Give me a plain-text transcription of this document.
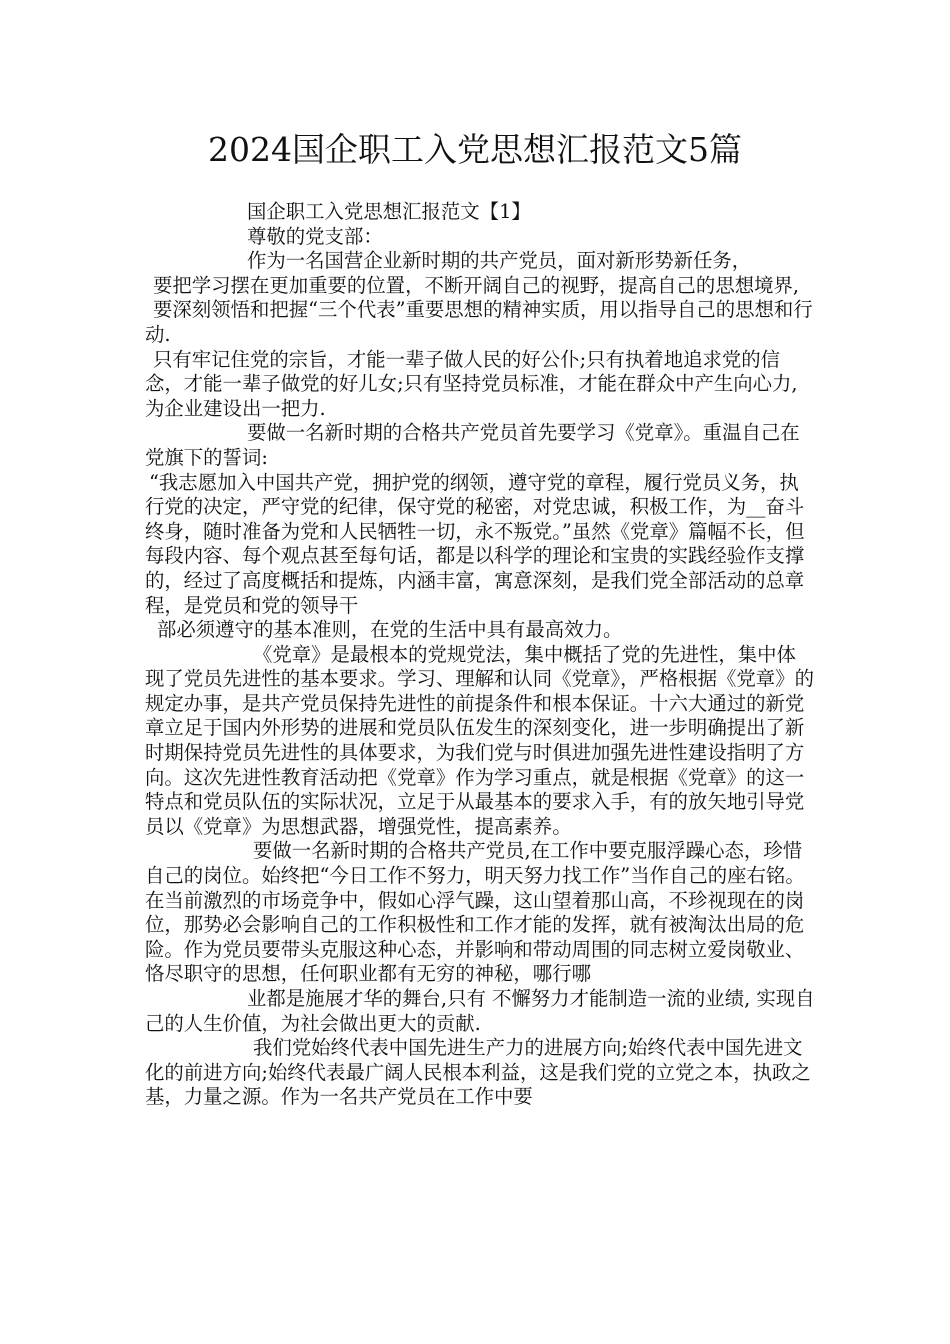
2024国企职工入党思想汇报范文5篇

国企职工入党思想汇报范文【1】

尊敬的党支部：

作为一名国营企业新时期的共产党员，面对新形势新任务，

要把学习摆在更加重要的位置，不断开阔自己的视野，提高自己的思想境界,

要深刻领悟和把握“三个代表”重要思想的精神实质，用以指导自己的思想和行动.

只有牢记住党的宗旨，才能一辈子做人民的好公仆;只有执着地追求党的信念，才能一辈子做党的好儿女;只有坚持党员标准，才能在群众中产生向心力,为企业建设出一把力.

要做一名新时期的合格共产党员首先要学习《党章》。重温自己在党旗下的誓词:

“我志愿加入中国共产党，拥护党的纲领，遵守党的章程，履行党员义务，执行党的决定，严守党的纪律，保守党的秘密，对党忠诚，积极工作，为__奋斗终身，随时准备为党和人民牺牲一切，永不叛党。”虽然《党章》篇幅不长，但每段内容、每个观点甚至每句话，都是以科学的理论和宝贵的实践经验作支撑的，经过了高度概括和提炼，内涵丰富，寓意深刻，是我们党全部活动的总章程，是党员和党的领导干

部必须遵守的基本准则，在党的生活中具有最高效力。

《党章》是最根本的党规党法，集中概括了党的先进性，集中体现了党员先进性的基本要求。学习、理解和认同《党章》，严格根据《党章》的规定办事，是共产党员保持先进性的前提条件和根本保证。十六大通过的新党章立足于国内外形势的进展和党员队伍发生的深刻变化，进一步明确提出了新时期保持党员先进性的具体要求，为我们党与时俱进加强先进性建设指明了方向。这次先进性教育活动把《党章》作为学习重点，就是根据《党章》的这一特点和党员队伍的实际状况，立足于从最基本的要求入手，有的放矢地引导党员以《党章》为思想武器，增强党性，提高素养。

要做一名新时期的合格共产党员,在工作中要克服浮躁心态，珍惜自己的岗位。始终把“今日工作不努力，明天努力找工作”当作自己的座右铭。在当前激烈的市场竞争中，假如心浮气躁，这山望着那山高，不珍视现在的岗位，那势必会影响自己的工作积极性和工作才能的发挥，就有被淘汰出局的危险。作为党员要带头克服这种心态，并影响和带动周围的同志树立爱岗敬业、恪尽职守的思想，任何职业都有无穷的神秘，哪行哪

业都是施展才华的舞台,只有 不懈努力才能制造一流的业绩, 实现自己的人生价值，为社会做出更大的贡献.

我们党始终代表中国先进生产力的进展方向;始终代表中国先进文化的前进方向;始终代表最广阔人民根本利益，这是我们党的立党之本，执政之基，力量之源。作为一名共产党员在工作中要
